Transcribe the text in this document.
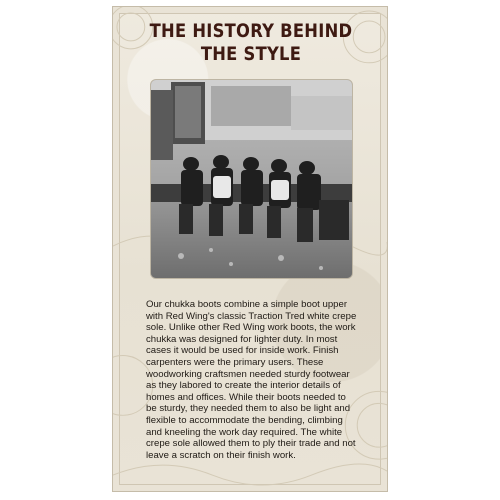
THE HISTORY BEHIND THE STYLE

Our chukka boots combine a simple boot upper with Red Wing's classic Traction Tred white crepe sole. Unlike other Red Wing work boots, the work chukka was designed for lighter duty. In most cases it would be used for inside work. Finish carpenters were the primary users. These woodworking craftsmen needed sturdy footwear as they labored to create the interior details of homes and offices. While their boots needed to be sturdy, they needed them to also be light and flexible to accommodate the bending, climbing and kneeling the work day required. The white crepe sole allowed them to ply their trade and not leave a scratch on their finish work.
